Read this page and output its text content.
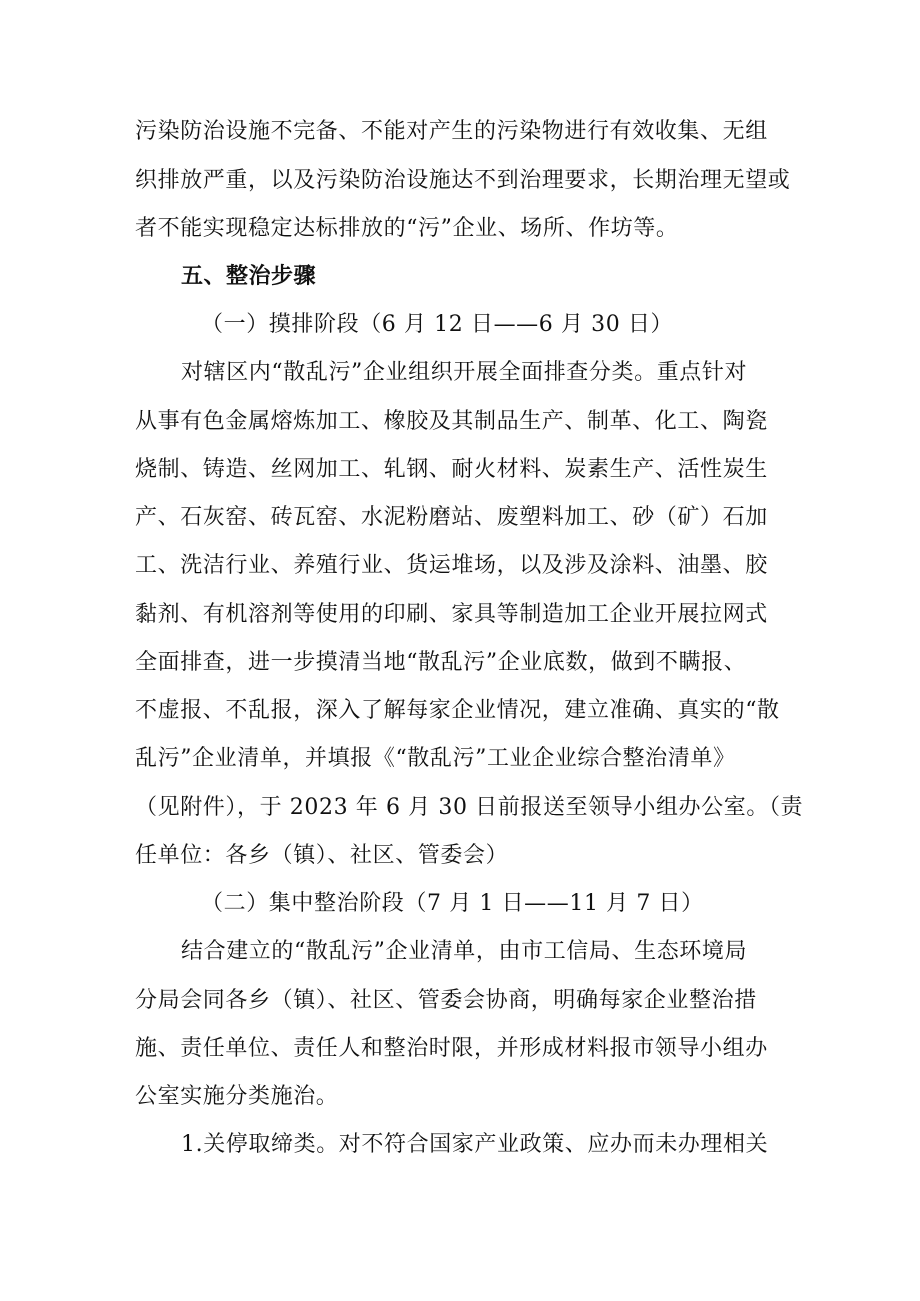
污染防治设施不完备、不能对产生的污染物进行有效收集、无组
织排放严重，以及污染防治设施达不到治理要求，长期治理无望或
者不能实现稳定达标排放的“污”企业、场所、作坊等。
五、整治步骤
（一）摸排阶段（6 月 12 日——6 月 30 日）
对辖区内“散乱污”企业组织开展全面排查分类。重点针对
从事有色金属熔炼加工、橡胶及其制品生产、制革、化工、陶瓷
烧制、铸造、丝网加工、轧钢、耐火材料、炭素生产、活性炭生
产、石灰窑、砖瓦窑、水泥粉磨站、废塑料加工、砂（矿）石加
工、洗洁行业、养殖行业、货运堆场，以及涉及涂料、油墨、胶
黏剂、有机溶剂等使用的印刷、家具等制造加工企业开展拉网式
全面排查，进一步摸清当地“散乱污”企业底数，做到不瞒报、
不虚报、不乱报，深入了解每家企业情况，建立准确、真实的“散
乱污”企业清单，并填报《“散乱污”工业企业综合整治清单》
（见附件），于 2023 年 6 月 30 日前报送至领导小组办公室。（责
任单位：各乡（镇）、社区、管委会）
（二）集中整治阶段（7 月 1 日——11 月 7 日）
结合建立的“散乱污”企业清单，由市工信局、生态环境局
分局会同各乡（镇）、社区、管委会协商，明确每家企业整治措
施、责任单位、责任人和整治时限，并形成材料报市领导小组办
公室实施分类施治。
1.关停取缔类。对不符合国家产业政策、应办而未办理相关
